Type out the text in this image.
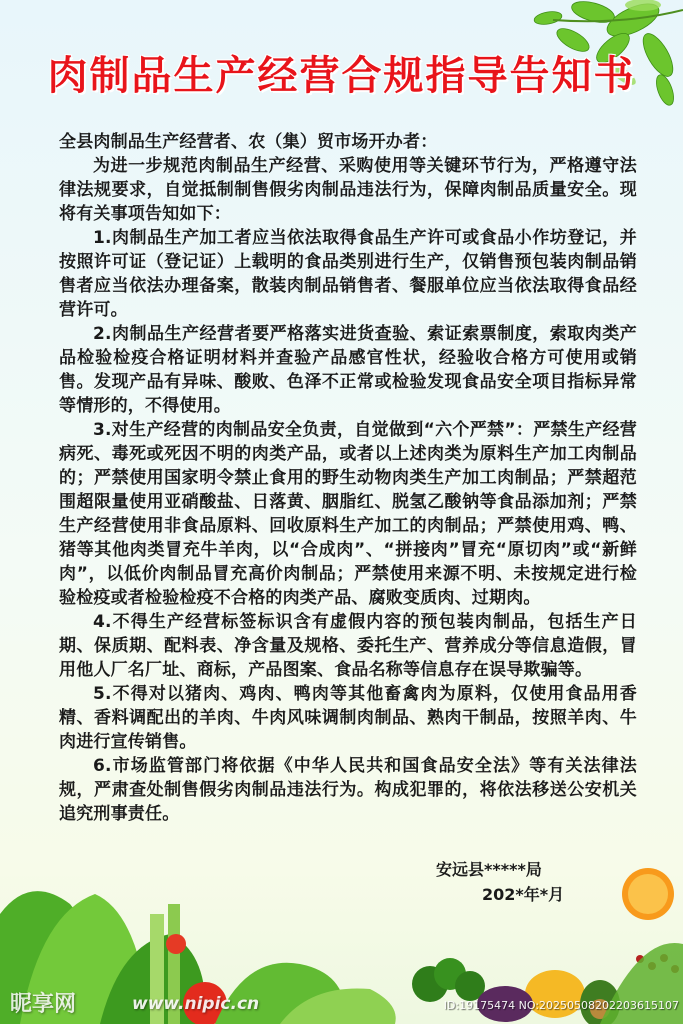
肉制品生产经营合规指导告知书

全县肉制品生产经营者、农（集）贸市场开办者：

为进一步规范肉制品生产经营、采购使用等关键环节行为，严格遵守法律法规要求，自觉抵制制售假劣肉制品违法行为，保障肉制品质量安全。现将有关事项告知如下：

1.肉制品生产加工者应当依法取得食品生产许可或食品小作坊登记，并按照许可证（登记证）上载明的食品类别进行生产，仅销售预包装肉制品销售者应当依法办理备案，散装肉制品销售者、餐服单位应当依法取得食品经营许可。

2.肉制品生产经营者要严格落实进货查验、索证索票制度，索取肉类产品检验检疫合格证明材料并查验产品感官性状，经验收合格方可使用或销售。发现产品有异味、酸败、色泽不正常或检验发现食品安全项目指标异常等情形的，不得使用。

3.对生产经营的肉制品安全负责，自觉做到“六个严禁”：严禁生产经营病死、毒死或死因不明的肉类产品，或者以上述肉类为原料生产加工肉制品的；严禁使用国家明令禁止食用的野生动物肉类生产加工肉制品；严禁超范围超限量使用亚硝酸盐、日落黄、胭脂红、脱氢乙酸钠等食品添加剂；严禁生产经营使用非食品原料、回收原料生产加工的肉制品；严禁使用鸡、鸭、猪等其他肉类冒充牛羊肉，以“合成肉”、“拼接肉”冒充“原切肉”或“新鲜肉”，以低价肉制品冒充高价肉制品；严禁使用来源不明、未按规定进行检验检疫或者检验检疫不合格的肉类产品、腐败变质肉、过期肉。

4.不得生产经营标签标识含有虚假内容的预包装肉制品，包括生产日期、保质期、配料表、净含量及规格、委托生产、营养成分等信息造假，冒用他人厂名厂址、商标，产品图案、食品名称等信息存在误导欺骗等。

5.不得对以猪肉、鸡肉、鸭肉等其他畜禽肉为原料，仅使用食品用香精、香料调配出的羊肉、牛肉风味调制肉制品、熟肉干制品，按照羊肉、牛肉进行宣传销售。

6.市场监管部门将依据《中华人民共和国食品安全法》等有关法律法规，严肃查处制售假劣肉制品违法行为。构成犯罪的，将依法移送公安机关追究刑事责任。

安远县*****局
202*年*月
昵享网	www.nipic.cn	ID:19175474 NO:20250508202203615107
